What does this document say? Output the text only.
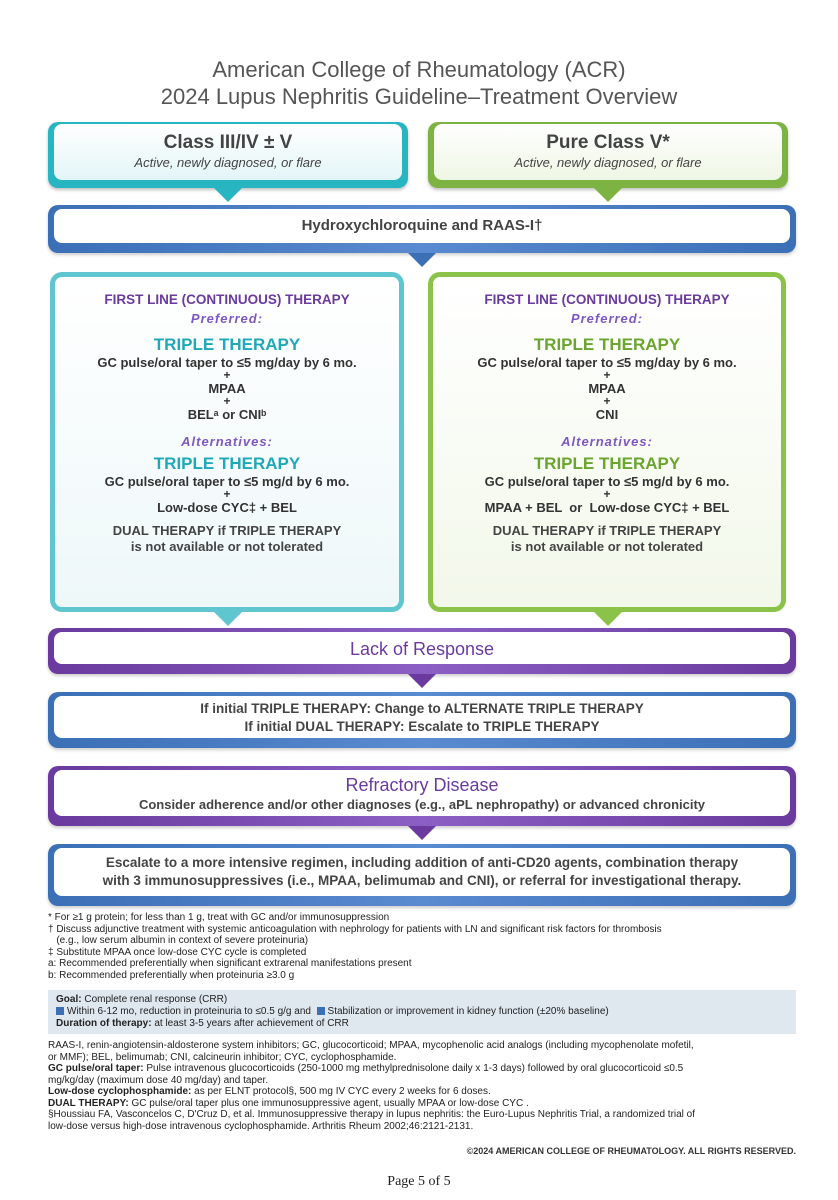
American College of Rheumatology (ACR)
2024 Lupus Nephritis Guideline–Treatment Overview
Class III/IV ± V
Active, newly diagnosed, or flare
Pure Class V*
Active, newly diagnosed, or flare
Hydroxychloroquine and RAAS-I†
FIRST LINE (CONTINUOUS) THERAPY
Preferred:
TRIPLE THERAPY
GC pulse/oral taper to ≤5 mg/day by 6 mo.
+
MPAA
+
BELᵃ or CNIᵇ
Alternatives:
TRIPLE THERAPY
GC pulse/oral taper to ≤5 mg/d by 6 mo.
+
Low-dose CYC‡ + BEL
DUAL THERAPY if TRIPLE THERAPY
is not available or not tolerated
FIRST LINE (CONTINUOUS) THERAPY
Preferred:
TRIPLE THERAPY
GC pulse/oral taper to ≤5 mg/day by 6 mo.
+
MPAA
+
CNI
Alternatives:
TRIPLE THERAPY
GC pulse/oral taper to ≤5 mg/d by 6 mo.
+
MPAA + BEL  or  Low-dose CYC‡ + BEL
DUAL THERAPY if TRIPLE THERAPY
is not available or not tolerated
Lack of Response
If initial TRIPLE THERAPY: Change to ALTERNATE TRIPLE THERAPY
If initial DUAL THERAPY: Escalate to TRIPLE THERAPY
Refractory Disease
Consider adherence and/or other diagnoses (e.g., aPL nephropathy) or advanced chronicity
Escalate to a more intensive regimen, including addition of anti-CD20 agents, combination therapy
with 3 immunosuppressives (i.e., MPAA, belimumab and CNI), or referral for investigational therapy.
* For ≥1 g protein; for less than 1 g, treat with GC and/or immunosuppression
† Discuss adjunctive treatment with systemic anticoagulation with nephrology for patients with LN and significant risk factors for thrombosis
(e.g., low serum albumin in context of severe proteinuria)
‡ Substitute MPAA once low-dose CYC cycle is completed
a: Recommended preferentially when significant extrarenal manifestations present
b: Recommended preferentially when proteinuria ≥3.0 g
Goal: Complete renal response (CRR)
Within 6-12 mo, reduction in proteinuria to ≤0.5 g/g and Stabilization or improvement in kidney function (±20% baseline)
Duration of therapy: at least 3-5 years after achievement of CRR
RAAS-I, renin-angiotensin-aldosterone system inhibitors; GC, glucocorticoid; MPAA, mycophenolic acid analogs (including mycophenolate mofetil,
or MMF); BEL, belimumab; CNI, calcineurin inhibitor; CYC, cyclophosphamide.
GC pulse/oral taper: Pulse intravenous glucocorticoids (250-1000 mg methylprednisolone daily x 1-3 days) followed by oral glucocorticoid ≤0.5
mg/kg/day (maximum dose 40 mg/day) and taper.
Low-dose cyclophosphamide: as per ELNT protocol§, 500 mg IV CYC every 2 weeks for 6 doses.
DUAL THERAPY: GC pulse/oral taper plus one immunosuppressive agent, usually MPAA or low-dose CYC .
§Houssiau FA, Vasconcelos C, D'Cruz D, et al. Immunosuppressive therapy in lupus nephritis: the Euro-Lupus Nephritis Trial, a randomized trial of
low-dose versus high-dose intravenous cyclophosphamide. Arthritis Rheum 2002;46:2121-2131.
©2024 AMERICAN COLLEGE OF RHEUMATOLOGY. ALL RIGHTS RESERVED.
Page 5 of 5
